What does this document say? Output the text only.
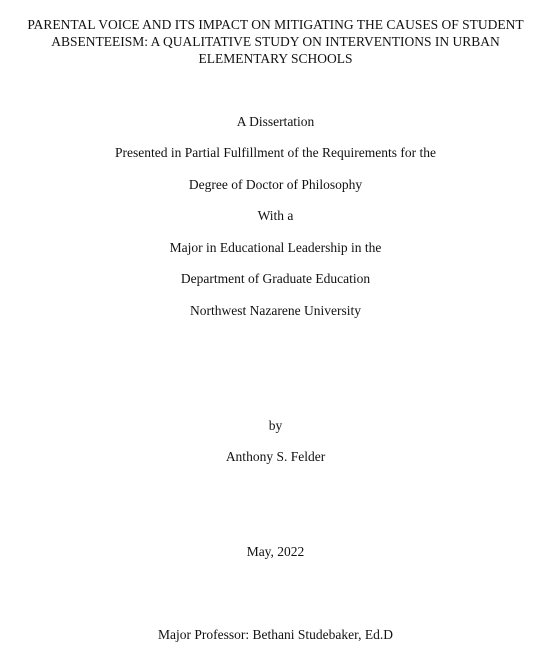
PARENTAL VOICE AND ITS IMPACT ON MITIGATING THE CAUSES OF STUDENT
ABSENTEEISM: A QUALITATIVE STUDY ON INTERVENTIONS IN URBAN
ELEMENTARY SCHOOLS
A Dissertation
Presented in Partial Fulfillment of the Requirements for the
Degree of Doctor of Philosophy
With a
Major in Educational Leadership in the
Department of Graduate Education
Northwest Nazarene University
by
Anthony S. Felder
May, 2022
Major Professor: Bethani Studebaker, Ed.D
